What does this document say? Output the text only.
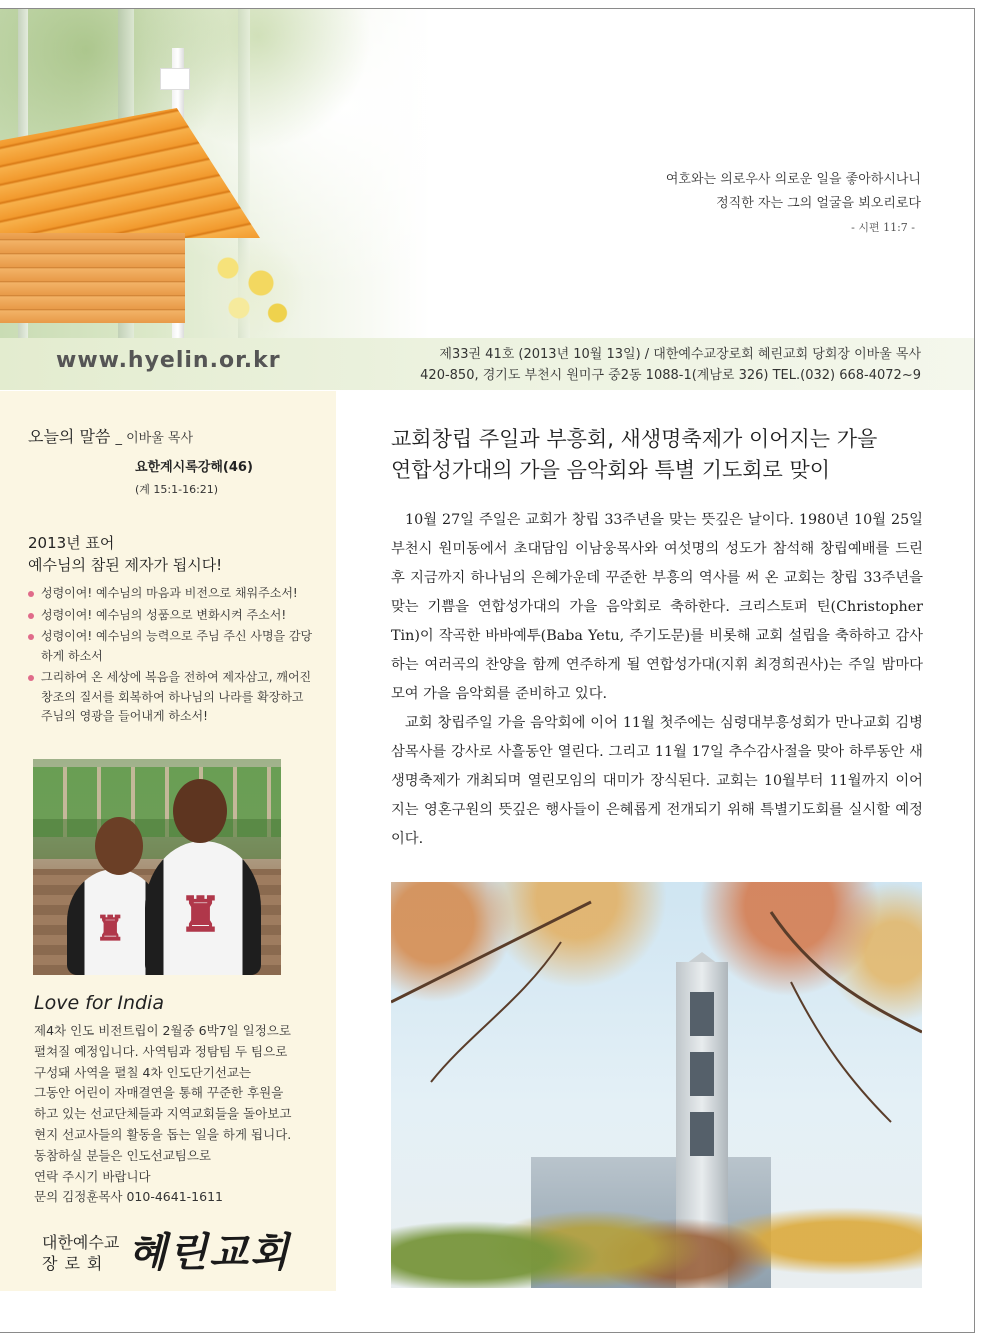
여호와는 의로우사 의로운 일을 좋아하시나니
정직한 자는 그의 얼굴을 뵈오리로다
- 시편 11:7 -
www.hyelin.or.kr	제33권 41호 (2013년 10월 13일) / 대한예수교장로회 혜린교회 당회장 이바울 목사
420-850, 경기도 부천시 원미구 중2동 1088-1(계남로 326) TEL.(032) 668-4072~9
오늘의 말씀 _ 이바울 목사
요한계시록강해(46)
(계 15:1-16:21)
2013년 표어
예수님의 참된 제자가 됩시다!
성령이여! 예수님의 마음과 비전으로 채워주소서!
성령이여! 예수님의 성품으로 변화시켜 주소서!
성령이여! 예수님의 능력으로 주님 주신 사명을 감당하게 하소서
그리하여 온 세상에 복음을 전하여 제자삼고, 깨어진 창조의 질서를 회복하여 하나님의 나라를 확장하고 주님의 영광을 들어내게 하소서!
♜ ♜
Love for India
제4차 인도 비전트립이 2월중 6박7일 일정으로
펼쳐질 예정입니다. 사역팀과 정탐팀 두 팀으로
구성돼 사역을 펼칠 4차 인도단기선교는
그동안 어린이 자매결연을 통해 꾸준한 후원을
하고 있는 선교단체들과 지역교회들을 돌아보고
현지 선교사들의 활동을 돕는 일을 하게 됩니다.
동참하실 분들은 인도선교팀으로
연락 주시기 바랍니다
문의 김정훈목사 010-4641-1611
대한예수교
장로회 혜린교회
교회창립 주일과 부흥회, 새생명축제가 이어지는 가을
연합성가대의 가을 음악회와 특별 기도회로 맞이

10월 27일 주일은 교회가 창립 33주년을 맞는 뜻깊은 날이다. 1980년 10월 25일 부천시 원미동에서 초대담임 이남웅목사와 여섯명의 성도가 참석해 창립예배를 드린후 지금까지 하나님의 은혜가운데 꾸준한 부흥의 역사를 써 온 교회는 창립 33주년을 맞는 기쁨을 연합성가대의 가을 음악회로 축하한다. 크리스토퍼 틴(Christopher Tin)이 작곡한 바바예투(Baba Yetu, 주기도문)를 비롯해 교회 설립을 축하하고 감사하는 여러곡의 찬양을 함께 연주하게 될 연합성가대(지휘 최경희권사)는 주일 밤마다 모여 가을 음악회를 준비하고 있다.

교회 창립주일 가을 음악회에 이어 11월 첫주에는 심령대부흥성회가 만나교회 김병삼목사를 강사로 사흘동안 열린다. 그리고 11월 17일 추수감사절을 맞아 하루동안 새생명축제가 개최되며 열린모임의 대미가 장식된다. 교회는 10월부터 11월까지 이어지는 영혼구원의 뜻깊은 행사들이 은혜롭게 전개되기 위해 특별기도회를 실시할 예정이다.
